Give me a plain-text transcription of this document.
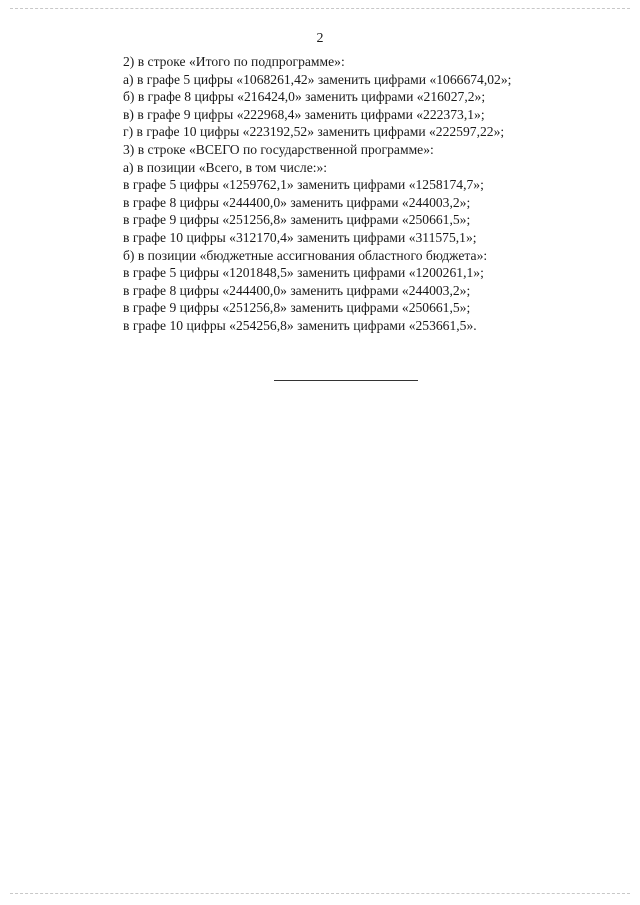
2
2) в строке «Итого по подпрограмме»:
а) в графе 5 цифры «1068261,42» заменить цифрами «1066674,02»;
б) в графе 8 цифры «216424,0» заменить цифрами «216027,2»;
в) в графе 9 цифры «222968,4» заменить цифрами «222373,1»;
г) в графе 10 цифры «223192,52» заменить цифрами «222597,22»;
3) в строке «ВСЕГО по государственной программе»:
а) в позиции «Всего, в том числе:»:
в графе 5 цифры «1259762,1» заменить цифрами «1258174,7»;
в графе 8 цифры «244400,0» заменить цифрами «244003,2»;
в графе 9 цифры «251256,8» заменить цифрами «250661,5»;
в графе 10 цифры «312170,4» заменить цифрами «311575,1»;
б) в позиции «бюджетные ассигнования областного бюджета»:
в графе 5 цифры «1201848,5» заменить цифрами «1200261,1»;
в графе 8 цифры «244400,0» заменить цифрами «244003,2»;
в графе 9 цифры «251256,8» заменить цифрами «250661,5»;
в графе 10 цифры «254256,8» заменить цифрами «253661,5».
